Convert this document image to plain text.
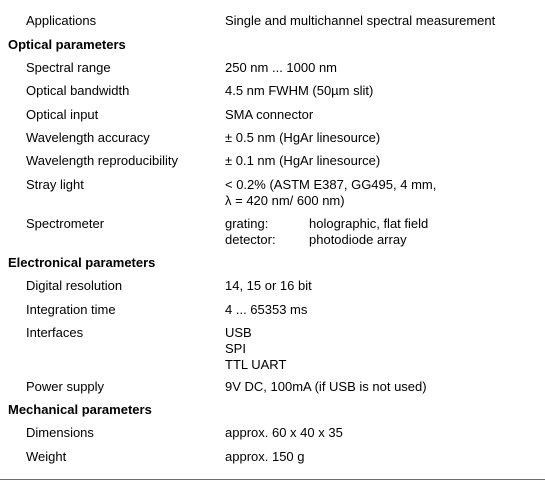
Applications	Single and multichannel spectral measurement
Optical parameters
Spectral range	250 nm ... 1000 nm
Optical bandwidth	4.5 nm FWHM (50µm slit)
Optical input	SMA connector
Wavelength accuracy	± 0.5 nm (HgAr linesource)
Wavelength reproducibility	± 0.1 nm (HgAr linesource)
Stray light	< 0.2% (ASTM E387, GG495, 4 mm,
λ = 420 nm/ 600 nm)
Spectrometer	grating:	holographic, flat field
detector:	photodiode array
Electronical parameters
Digital resolution	14, 15 or 16 bit
Integration time	4 ... 65353 ms
Interfaces	USB
SPI
TTL UART
Power supply	9V DC, 100mA (if USB is not used)
Mechanical parameters
Dimensions	approx. 60 x 40 x 35
Weight	approx. 150 g
